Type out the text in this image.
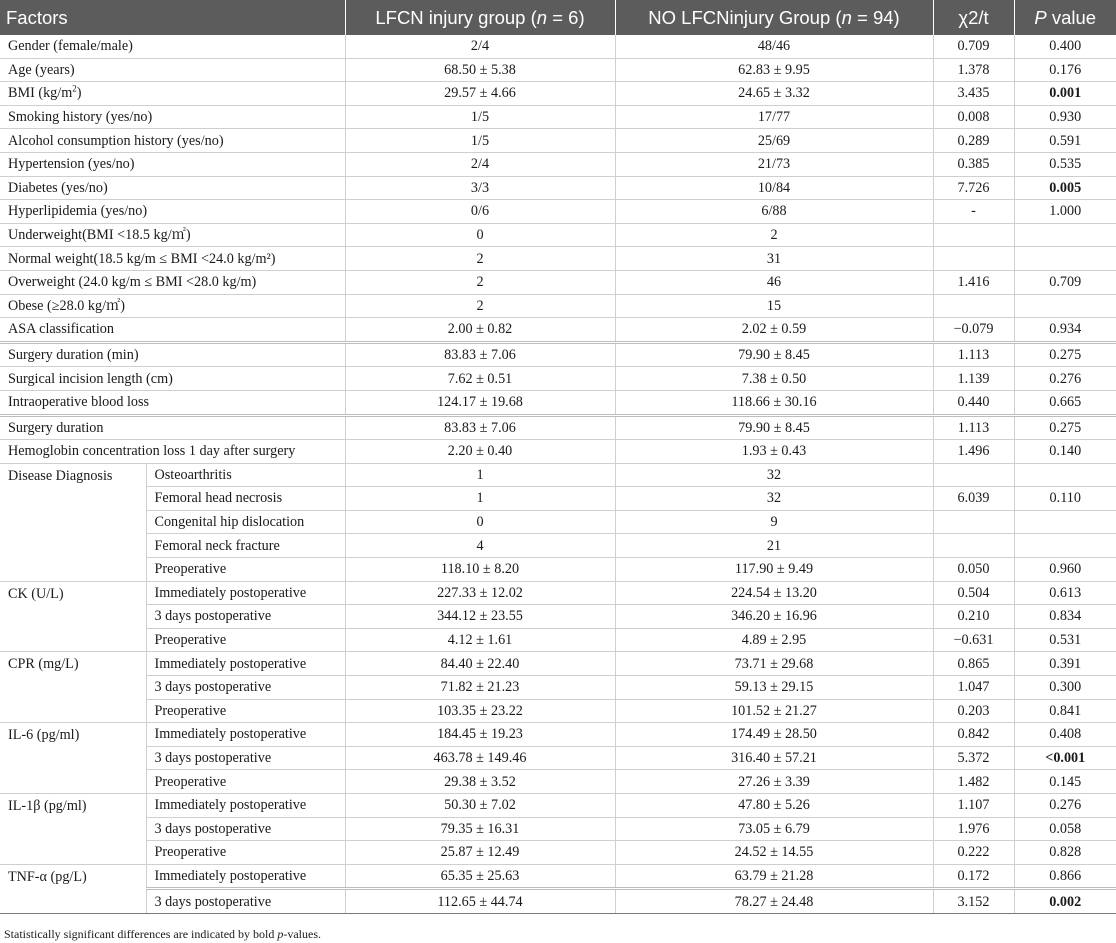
Factors		LFCN injury group (n = 6)	NO LFCNinjury Group (n = 94)	χ2/t	P value
Gender (female/male)		2/4	48/46	0.709	0.400
Age (years)		68.50 ± 5.38	62.83 ± 9.95	1.378	0.176
BMI $(kg/m^2)$		29.57 ± 4.66	24.65 ± 3.32	3.435	0.001
Smoking history (yes/no)		1/5	17/77	0.008	0.930
Alcohol consumption history (yes/no)		1/5	25/69	0.289	0.591
Hypertension (yes/no)		2/4	21/73	0.385	0.535
Diabetes (yes/no)		3/3	10/84	7.726	0.005
Hyperlipidemia (yes/no)		0/6	6/88	-	1.000
Underweight(BMI <18.5 kg/㎡)		0	2		
Normal weight(18.5 kg/m ≤ BMI <24.0 kg/m²)		2	31		
Overweight (24.0 kg/m ≤ BMI <28.0 kg/m)		2	46	1.416	0.709
Obese (≥28.0 kg/㎡)		2	15		
ASA classification		2.00 ± 0.82	2.02 ± 0.59	−0.079	0.934
Surgery duration (min)		83.83 ± 7.06	79.90 ± 8.45	1.113	0.275
Surgical incision length (cm)		7.62 ± 0.51	7.38 ± 0.50	1.139	0.276
Intraoperative blood loss		124.17 ± 19.68	118.66 ± 30.16	0.440	0.665
Surgery duration		83.83 ± 7.06	79.90 ± 8.45	1.113	0.275
Hemoglobin concentration loss 1 day after surgery		2.20 ± 0.40	1.93 ± 0.43	1.496	0.140
Disease Diagnosis	Osteoarthritis	1	32		
	Femoral head necrosis	1	32	6.039	0.110
	Congenital hip dislocation	0	9		
	Femoral neck fracture	4	21		
	Preoperative	118.10 ± 8.20	117.90 ± 9.49	0.050	0.960
CK (U/L)	Immediately postoperative	227.33 ± 12.02	224.54 ± 13.20	0.504	0.613
	3 days postoperative	344.12 ± 23.55	346.20 ± 16.96	0.210	0.834
	Preoperative	4.12 ± 1.61	4.89 ± 2.95	−0.631	0.531
CPR (mg/L)	Immediately postoperative	84.40 ± 22.40	73.71 ± 29.68	0.865	0.391
	3 days postoperative	71.82 ± 21.23	59.13 ± 29.15	1.047	0.300
	Preoperative	103.35 ± 23.22	101.52 ± 21.27	0.203	0.841
IL-6 (pg/ml)	Immediately postoperative	184.45 ± 19.23	174.49 ± 28.50	0.842	0.408
	3 days postoperative	463.78 ± 149.46	316.40 ± 57.21	5.372	<0.001
	Preoperative	29.38 ± 3.52	27.26 ± 3.39	1.482	0.145
IL-1β (pg/ml)	Immediately postoperative	50.30 ± 7.02	47.80 ± 5.26	1.107	0.276
	3 days postoperative	79.35 ± 16.31	73.05 ± 6.79	1.976	0.058
	Preoperative	25.87 ± 12.49	24.52 ± 14.55	0.222	0.828
TNF-α (pg/L)	Immediately postoperative	65.35 ± 25.63	63.79 ± 21.28	0.172	0.866
	3 days postoperative	112.65 ± 44.74	78.27 ± 24.48	3.152	0.002
Statistically significant differences are indicated by bold p-values.
